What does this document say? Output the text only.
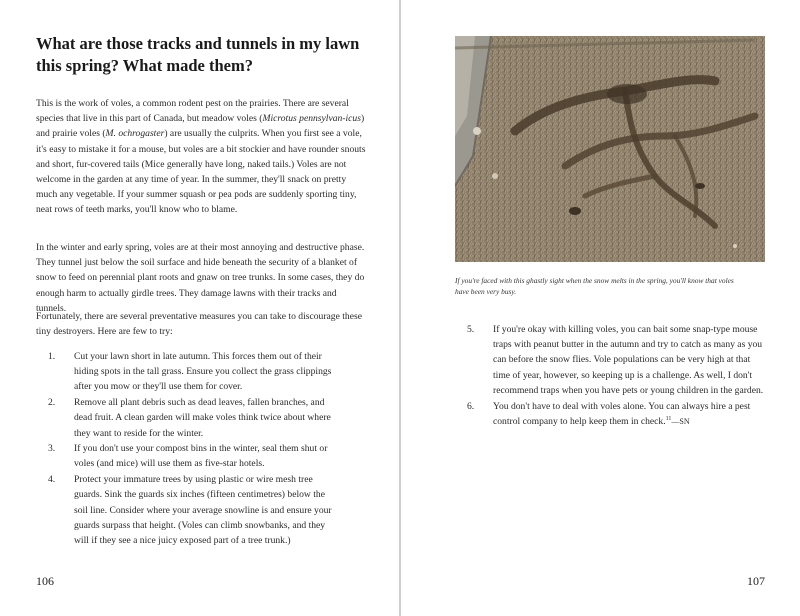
What are those tracks and tunnels in my lawn this spring? What made them?

This is the work of voles, a common rodent pest on the prairies. There are several species that live in this part of Canada, but meadow voles (Microtus pennsylvan-icus) and prairie voles (M. ochrogaster) are usually the culprits. When you first see a vole, it's easy to mistake it for a mouse, but voles are a bit stockier and have rounder snouts and short, fur-covered tails (Mice generally have long, naked tails.) Voles are not welcome in the garden at any time of year. In the summer, they'll snack on pretty much any vegetable. If your summer squash or pea pods are suddenly sporting tiny, neat rows of teeth marks, you'll know who to blame.

In the winter and early spring, voles are at their most annoying and destructive phase. They tunnel just below the soil surface and hide beneath the security of a blanket of snow to feed on perennial plant roots and gnaw on tree trunks. In some cases, they do enough harm to actually girdle trees. They damage lawns with their tracks and tunnels.

Fortunately, there are several preventative measures you can take to discourage these tiny destroyers. Here are few to try:

1. Cut your lawn short in late autumn. This forces them out of their hiding spots in the tall grass. Ensure you collect the grass clippings after you mow or they'll use them for cover.
2. Remove all plant debris such as dead leaves, fallen branches, and dead fruit. A clean garden will make voles think twice about where they want to reside for the winter.
3. If you don't use your compost bins in the winter, seal them shut or voles (and mice) will use them as five-star hotels.
4. Protect your immature trees by using plastic or wire mesh tree guards. Sink the guards six inches (fifteen centimetres) below the soil line. Consider where your average snowline is and ensure your guards surpass that height. (Voles can climb snowbanks, and they will if they see a nice juicy exposed part of a tree trunk.)
106

If you're faced with this ghastly sight when the snow melts in the spring, you'll know that voles have been very busy.

5. If you're okay with killing voles, you can bait some snap-type mouse traps with peanut butter in the autumn and try to catch as many as you can before the snow flies. Vole populations can be very high at that time of year, however, so keeping up is a challenge. As well, I don't recommend traps when you have pets or young children in the garden.
6. You don't have to deal with voles alone. You can always hire a pest control company to help keep them in check.$^{11}$—SN
107
